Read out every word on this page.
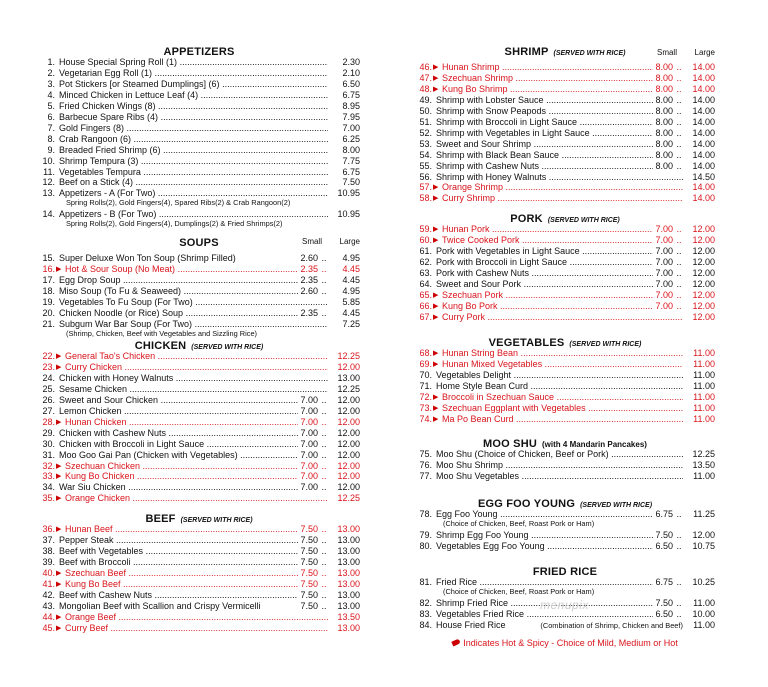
APPETIZERS
1. House Special Spring Roll (1) .....	2.30
2. Vegetarian Egg Roll (1) .....	2.10
3. Pot Stickers [or Steamed Dumplings] (6) .....	6.50
4. Minced Chicken in Lettuce Leaf (4) .....	6.75
5. Fried Chicken Wings (8) .....	8.95
6. Barbecue Spare Ribs (4) .....	7.95
7. Gold Fingers (8) .....	7.00
8. Crab Rangoon (6) .....	6.25
9. Breaded Fried Shrimp (6) .....	8.00
10. Shrimp Tempura (3) .....	7.75
11. Vegetables Tempura .....	6.75
12. Beef on a Stick (4) .....	7.50
13. Appetizers - A (For Two) .....	10.95
Spring Rolls(2), Gold Fingers(4), Spared Ribs(2) & Crab Rangoon(2)
14. Appetizers - B (For Two) .....	10.95
Spring Rolls(2), Gold Fingers(4), Dumplings(2) & Fried Shrimps(2)
SOUPS	Small Large
15. Super Deluxe Won Ton Soup (Shrimp Filled)	2.60 .. 4.95
16. ▶ Hot & Sour Soup (No Meat) .....	2.35 .. 4.45
17. Egg Drop Soup .....	2.35 .. 4.45
18. Miso Soup (To Fu & Seaweed) .....	2.60 .. 4.95
19. Vegetables To Fu Soup (For Two) .....	5.85
20. Chicken Noodle (or Rice) Soup .....	2.35 .. 4.45
21. Subgum War Bar Soup (For Two) .....	7.25
(Shrimp, Chicken, Beef with Vegetables and Sizzling Rice)
CHICKEN (SERVED WITH RICE)
22. ▶ General Tao's Chicken .....	12.25
23. ▶ Curry Chicken .....	12.00
24. Chicken with Honey Walnuts .....	13.00
25. Sesame Chicken .....	12.25
26. Sweet and Sour Chicken .....	7.00 .. 12.00
27. Lemon Chicken .....	7.00 .. 12.00
28. ▶ Hunan Chicken .....	7.00 .. 12.00
29. Chicken with Cashew Nuts .....	7.00 .. 12.00
30. Chicken with Broccoli in Light Sauce .....	7.00 .. 12.00
31. Moo Goo Gai Pan (Chicken with Vegetables) .....	7.00 .. 12.00
32. ▶ Szechuan Chicken .....	7.00 .. 12.00
33. ▶ Kung Bo Chicken .....	7.00 .. 12.00
34. War Siu Chicken .....	7.00 .. 12.00
35. ▶ Orange Chicken .....	12.25
BEEF (SERVED WITH RICE)
36. ▶ Hunan Beef .....	7.50 .. 13.00
37. Pepper Steak .....	7.50 .. 13.00
38. Beef with Vegetables .....	7.50 .. 13.00
39. Beef with Broccoli .....	7.50 .. 13.00
40. ▶ Szechuan Beef .....	7.50 .. 13.00
41. ▶ Kung Bo Beef .....	7.50 .. 13.00
42. Beef with Cashew Nuts .....	7.50 .. 13.00
43. Mongolian Beef with Scallion and Crispy Vermicelli	7.50 .. 13.00
44. ▶ Orange Beef .....	13.50
45. ▶ Curry Beef .....	13.00
SHRIMP (SERVED WITH RICE)	Small Large
46. ▶ Hunan Shrimp .....	8.00 .. 14.00
47. ▶ Szechuan Shrimp .....	8.00 .. 14.00
48. ▶ Kung Bo Shrimp .....	8.00 .. 14.00
49. Shrimp with Lobster Sauce .....	8.00 .. 14.00
50. Shrimp with Snow Peapods .....	8.00 .. 14.00
51. Shrimp with Broccoli in Light Sauce .....	8.00 .. 14.00
52. Shrimp with Vegetables in Light Sauce .....	8.00 .. 14.00
53. Sweet and Sour Shrimp .....	8.00 .. 14.00
54. Shrimp with Black Bean Sauce .....	8.00 .. 14.00
55. Shrimp with Cashew Nuts .....	8.00 .. 14.00
56. Shrimp with Honey Walnuts .....	14.50
57. ▶ Orange Shrimp .....	14.00
58. ▶ Curry Shrimp .....	14.00
PORK (SERVED WITH RICE)
59. ▶ Hunan Pork .....	7.00 .. 12.00
60. ▶ Twice Cooked Pork .....	7.00 .. 12.00
61. Pork with Vegetables in Light Sauce .....	7.00 .. 12.00
62. Pork with Broccoli in Light Sauce .....	7.00 .. 12.00
63. Pork with Cashew Nuts .....	7.00 .. 12.00
64. Sweet and Sour Pork .....	7.00 .. 12.00
65. ▶ Szechuan Pork .....	7.00 .. 12.00
66. ▶ Kung Bo Pork .....	7.00 .. 12.00
67. ▶ Curry Pork .....	12.00
VEGETABLES (SERVED WITH RICE)
68. ▶ Hunan String Bean .....	11.00
69. ▶ Hunan Mixed Vegetables .....	11.00
70. Vegetables Delight .....	11.00
71. Home Style Bean Curd .....	11.00
72. ▶ Broccoli in Szechuan Sauce .....	11.00
73. ▶ Szechuan Eggplant with Vegetables .....	11.00
74. ▶ Ma Po Bean Curd .....	11.00
MOO SHU (with 4 Mandarin Pancakes)
75. Moo Shu (Choice of Chicken, Beef or Pork) .....	12.25
76. Moo Shu Shrimp .....	13.50
77. Moo Shu Vegetables .....	11.00
EGG FOO YOUNG (SERVED WITH RICE)
78. Egg Foo Young .....	6.75 .. 11.25
(Choice of Chicken, Beef, Roast Pork or Ham)
79. Shrimp Egg Foo Young .....	7.50 .. 12.00
80. Vegetables Egg Foo Young .....	6.50 .. 10.75
FRIED RICE
81. Fried Rice .....	6.75 .. 10.25
(Choice of Chicken, Beef, Roast Pork or Ham)
82. Shrimp Fried Rice .....	7.50 .. 11.00
83. Vegetables Fried Rice .....	6.50 .. 10.00
84. House Fried Rice	(Combination of Shrimp, Chicken and Beef) 11.00
menupix
Indicates Hot & Spicy - Choice of Mild, Medium or Hot
